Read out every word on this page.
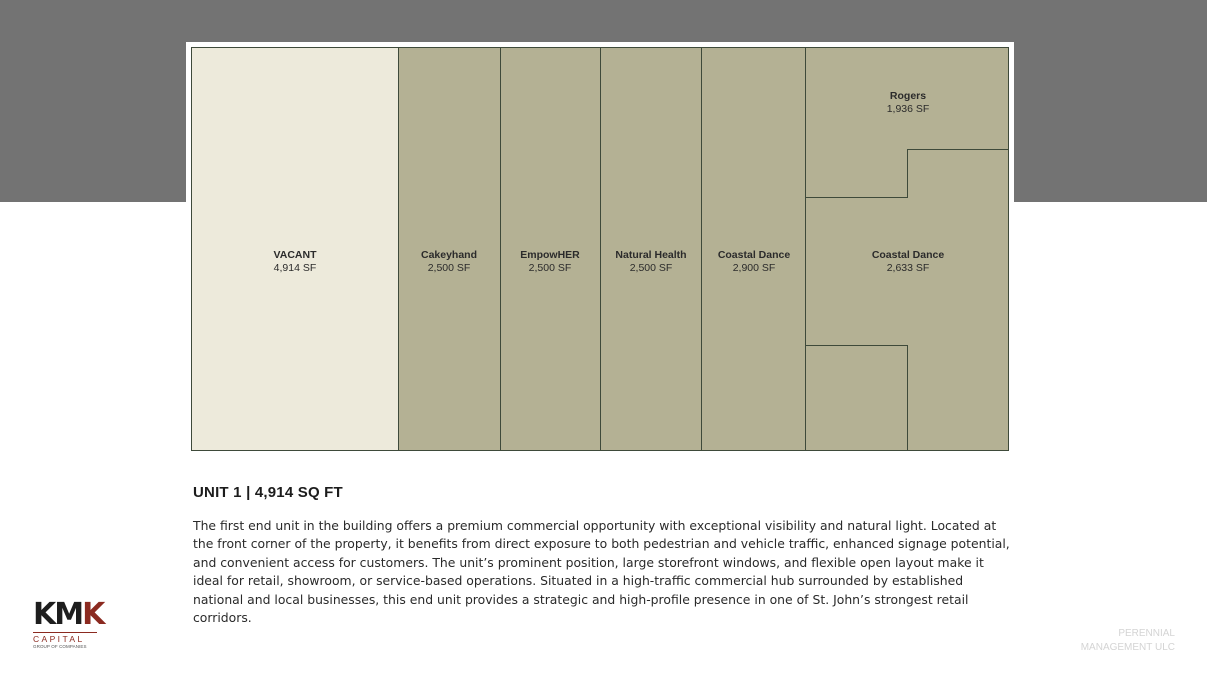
VACANT
4,914 SF
Cakeyhand
2,500 SF
EmpowHER
2,500 SF
Natural Health
2,500 SF
Coastal Dance
2,900 SF
Rogers
1,936 SF
Coastal Dance
2,633 SF
UNIT 1 | 4,914 SQ FT
The first end unit in the building offers a premium commercial opportunity with exceptional visibility and natural light. Located at the front corner of the property, it benefits from direct exposure to both pedestrian and vehicle traffic, enhanced signage potential, and convenient access for customers. The unit’s prominent position, large storefront windows, and flexible open layout make it ideal for retail, showroom, or service-based operations. Situated in a high-traffic commercial hub surrounded by established national and local businesses, this end unit provides a strategic and high-profile presence in one of St. John’s strongest retail corridors.
KMK
CAPITAL
GROUP OF COMPANIES
PERENNIAL
MANAGEMENT ULC
